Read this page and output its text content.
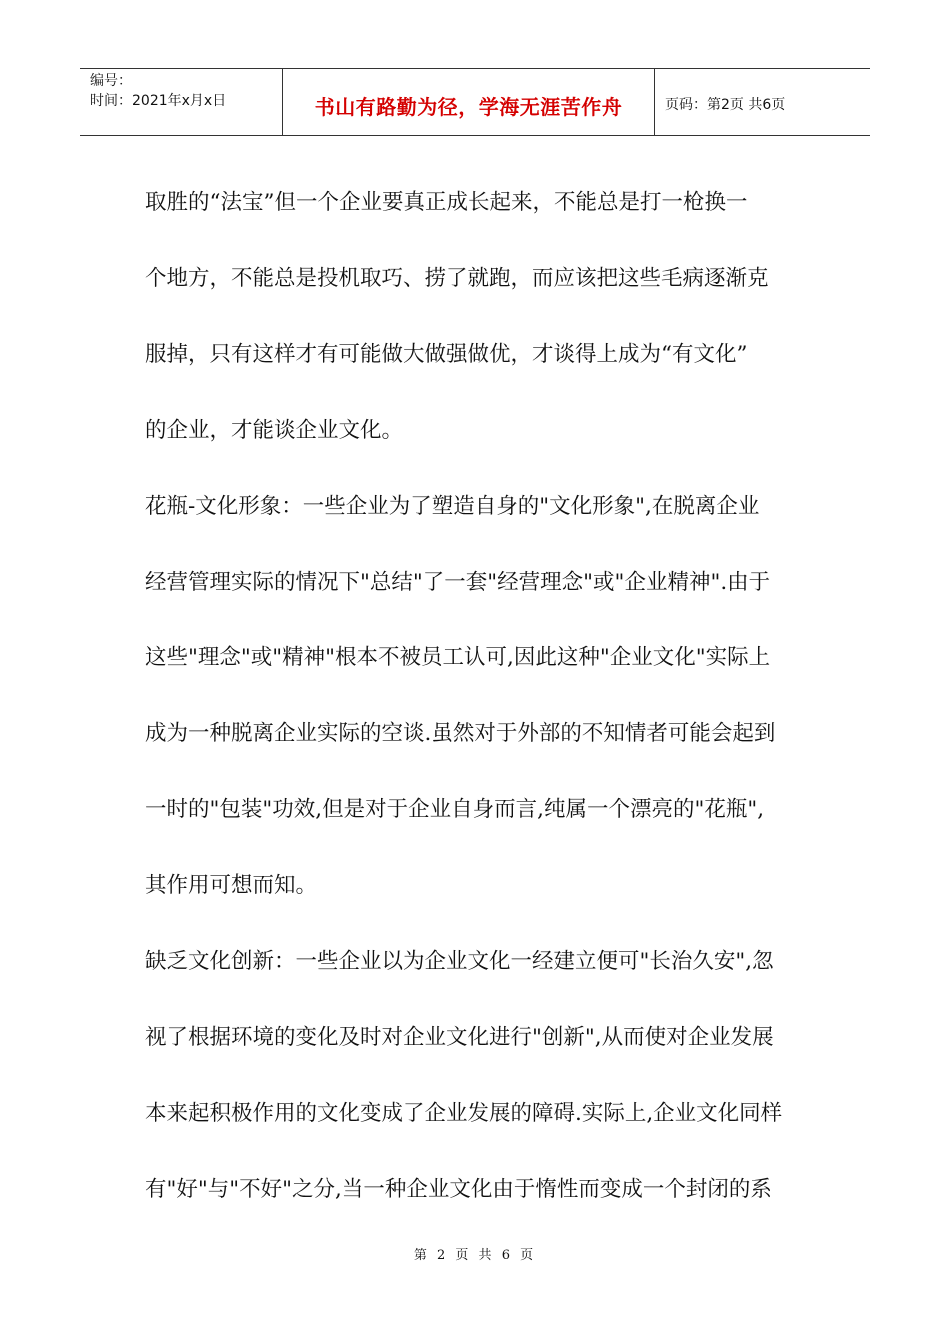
编号：
时间：2021年x月x日	书山有路勤为径，学海无涯苦作舟	页码：第2页 共6页

取胜的“法宝”但一个企业要真正成长起来，不能总是打一枪换一

个地方，不能总是投机取巧、捞了就跑，而应该把这些毛病逐渐克

服掉，只有这样才有可能做大做强做优，才谈得上成为“有文化”

的企业，才能谈企业文化。

花瓶-文化形象：一些企业为了塑造自身的"文化形象",在脱离企业

经营管理实际的情况下"总结"了一套"经营理念"或"企业精神".由于

这些"理念"或"精神"根本不被员工认可,因此这种"企业文化"实际上

成为一种脱离企业实际的空谈.虽然对于外部的不知情者可能会起到

一时的"包装"功效,但是对于企业自身而言,纯属一个漂亮的"花瓶",

其作用可想而知。

缺乏文化创新：一些企业以为企业文化一经建立便可"长治久安",忽

视了根据环境的变化及时对企业文化进行"创新",从而使对企业发展

本来起积极作用的文化变成了企业发展的障碍.实际上,企业文化同样

有"好"与"不好"之分,当一种企业文化由于惰性而变成一个封闭的系

第 2 页 共 6 页
